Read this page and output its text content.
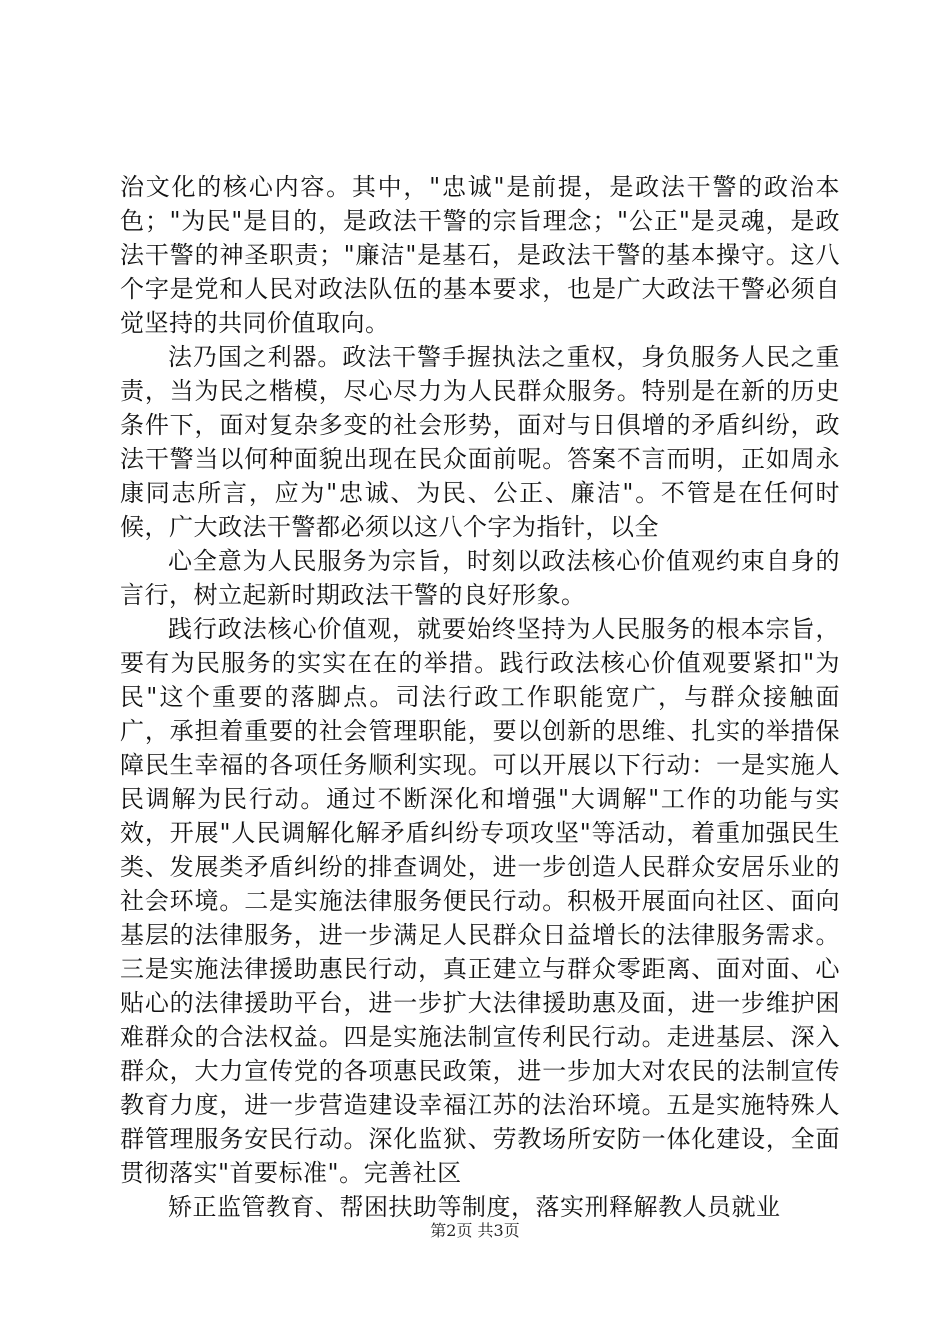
治文化的核心内容。其中，"忠诚"是前提，是政法干警的政治本色；"为民"是目的，是政法干警的宗旨理念；"公正"是灵魂，是政法干警的神圣职责；"廉洁"是基石，是政法干警的基本操守。这八个字是党和人民对政法队伍的基本要求，也是广大政法干警必须自觉坚持的共同价值取向。

法乃国之利器。政法干警手握执法之重权，身负服务人民之重责，当为民之楷模，尽心尽力为人民群众服务。特别是在新的历史条件下，面对复杂多变的社会形势，面对与日俱增的矛盾纠纷，政法干警当以何种面貌出现在民众面前呢。答案不言而明，正如周永康同志所言，应为"忠诚、为民、公正、廉洁"。不管是在任何时候，广大政法干警都必须以这八个字为指针，以全

心全意为人民服务为宗旨，时刻以政法核心价值观约束自身的言行，树立起新时期政法干警的良好形象。

践行政法核心价值观，就要始终坚持为人民服务的根本宗旨，要有为民服务的实实在在的举措。践行政法核心价值观要紧扣"为民"这个重要的落脚点。司法行政工作职能宽广，与群众接触面广，承担着重要的社会管理职能，要以创新的思维、扎实的举措保障民生幸福的各项任务顺利实现。可以开展以下行动：一是实施人民调解为民行动。通过不断深化和增强"大调解"工作的功能与实效，开展"人民调解化解矛盾纠纷专项攻坚"等活动，着重加强民生类、发展类矛盾纠纷的排查调处，进一步创造人民群众安居乐业的社会环境。二是实施法律服务便民行动。积极开展面向社区、面向基层的法律服务，进一步满足人民群众日益增长的法律服务需求。三是实施法律援助惠民行动，真正建立与群众零距离、面对面、心贴心的法律援助平台，进一步扩大法律援助惠及面，进一步维护困难群众的合法权益。四是实施法制宣传利民行动。走进基层、深入群众，大力宣传党的各项惠民政策，进一步加大对农民的法制宣传教育力度，进一步营造建设幸福江苏的法治环境。五是实施特殊人群管理服务安民行动。深化监狱、劳教场所安防一体化建设，全面贯彻落实"首要标准"。完善社区

矫正监管教育、帮困扶助等制度，落实刑释解教人员就业

第2页 共3页
